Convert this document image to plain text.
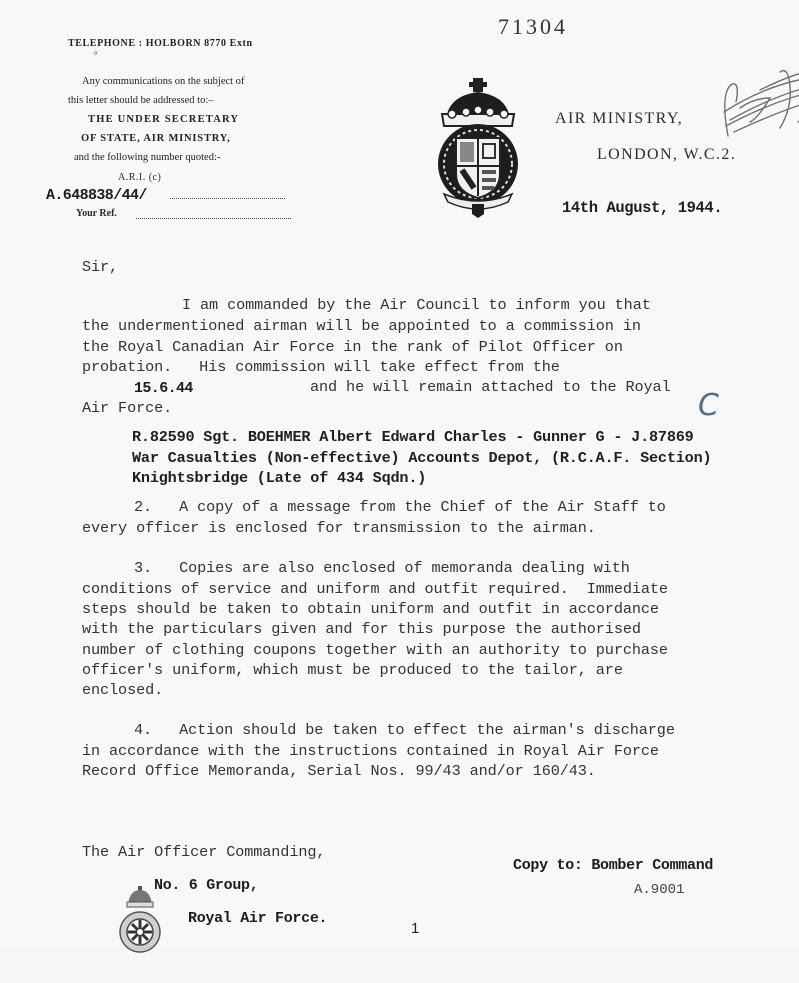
TELEPHONE : HOLBORN 8770 Extn
°
Any communications on the subject of
this letter should be addressed to:–
THE UNDER SECRETARY
OF STATE, AIR MINISTRY,
and the following number quoted:-
A.R.I. (c)
A.648838/44/
Your Ref.
71304

AIR MINISTRY,
LONDON, W.C.2.
14th August, 1944.
Sir,
I am commanded by the Air Council to inform you that
the undermentioned airman will be appointed to a commission in
the Royal Canadian Air Force in the rank of Pilot Officer on
probation.   His commission will take effect from the
15.6.44	and he will remain attached to the Royal
Air Force.	C
R.82590 Sgt. BOEHMER Albert Edward Charles - Gunner G - J.87869
War Casualties (Non-effective) Accounts Depot, (R.C.A.F. Section)
Knightsbridge (Late of 434 Sqdn.)
2.   A copy of a message from the Chief of the Air Staff to
every officer is enclosed for transmission to the airman.
3.   Copies are also enclosed of memoranda dealing with
conditions of service and uniform and outfit required.  Immediate
steps should be taken to obtain uniform and outfit in accordance
with the particulars given and for this purpose the authorised
number of clothing coupons together with an authority to purchase
officer's uniform, which must be produced to the tailor, are
enclosed.
4.   Action should be taken to effect the airman's discharge
in accordance with the instructions contained in Royal Air Force
Record Office Memoranda, Serial Nos. 99/43 and/or 160/43.
The Air Officer Commanding,

No. 6 Group,
Royal Air Force.
Copy to: Bomber Command
A.9001
1
